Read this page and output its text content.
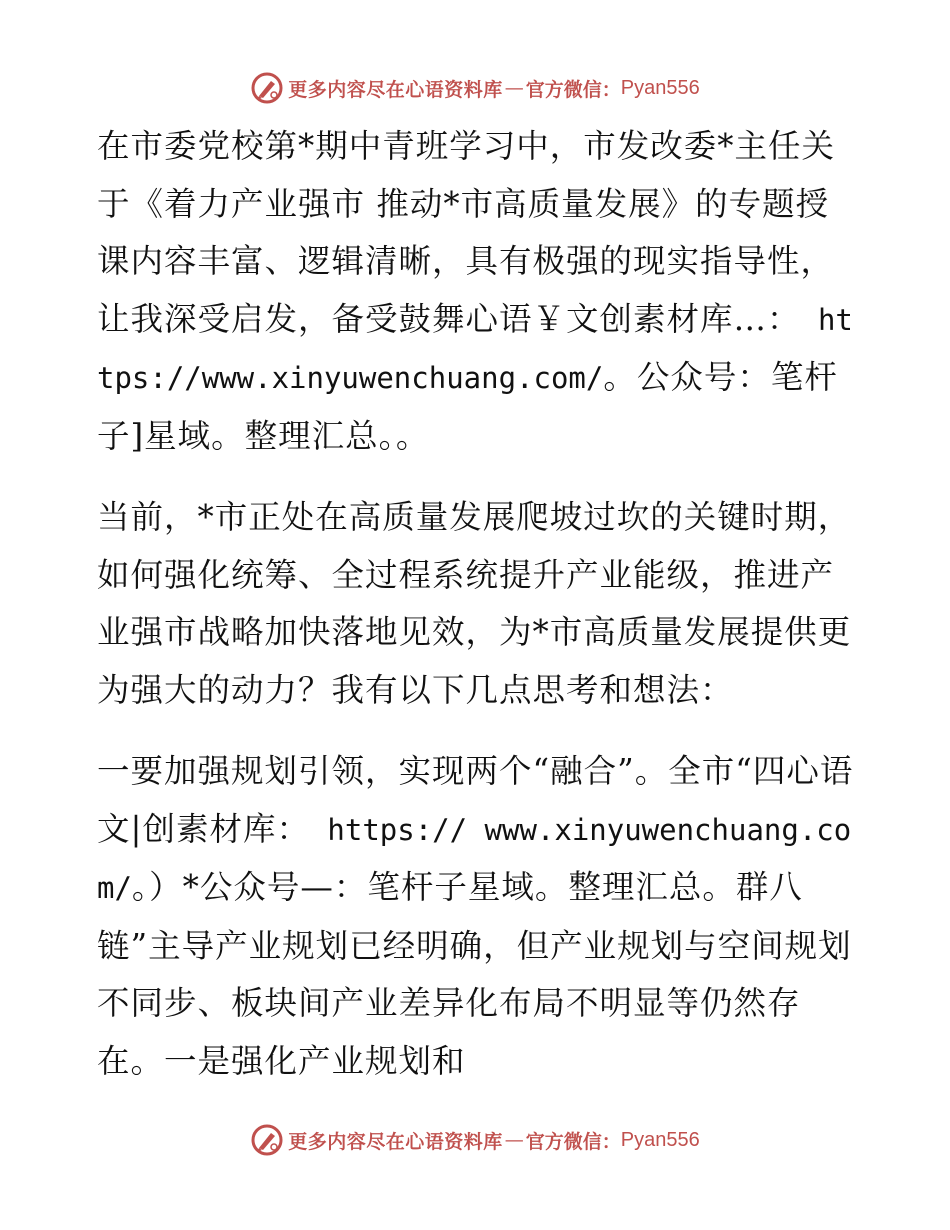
更多内容尽在心语资料库 — 官方微信： Pyan556

在市委党校第*期中青班学习中，市发改委*主任关于《着力产业强市 推动*市高质量发展》的专题授课内容丰富、逻辑清晰，具有极强的现实指导性，让我深受启发，备受鼓舞心语￥文创素材库…： https://www.xinyuwenchuang.com/。公众号：笔杆子]星域。整理汇总。。

当前，*市正处在高质量发展爬坡过坎的关键时期，如何强化统筹、全过程系统提升产业能级，推进产业强市战略加快落地见效，为*市高质量发展提供更为强大的动力？我有以下几点思考和想法：

一要加强规划引领，实现两个“融合”。全市“四心语文|创素材库： https:// www.xinyuwenchuang.com/。）*公众号—：笔杆子星域。整理汇总。群八链”主导产业规划已经明确，但产业规划与空间规划不同步、板块间产业差异化布局不明显等仍然存在。一是强化产业规划和

更多内容尽在心语资料库 — 官方微信： Pyan556
